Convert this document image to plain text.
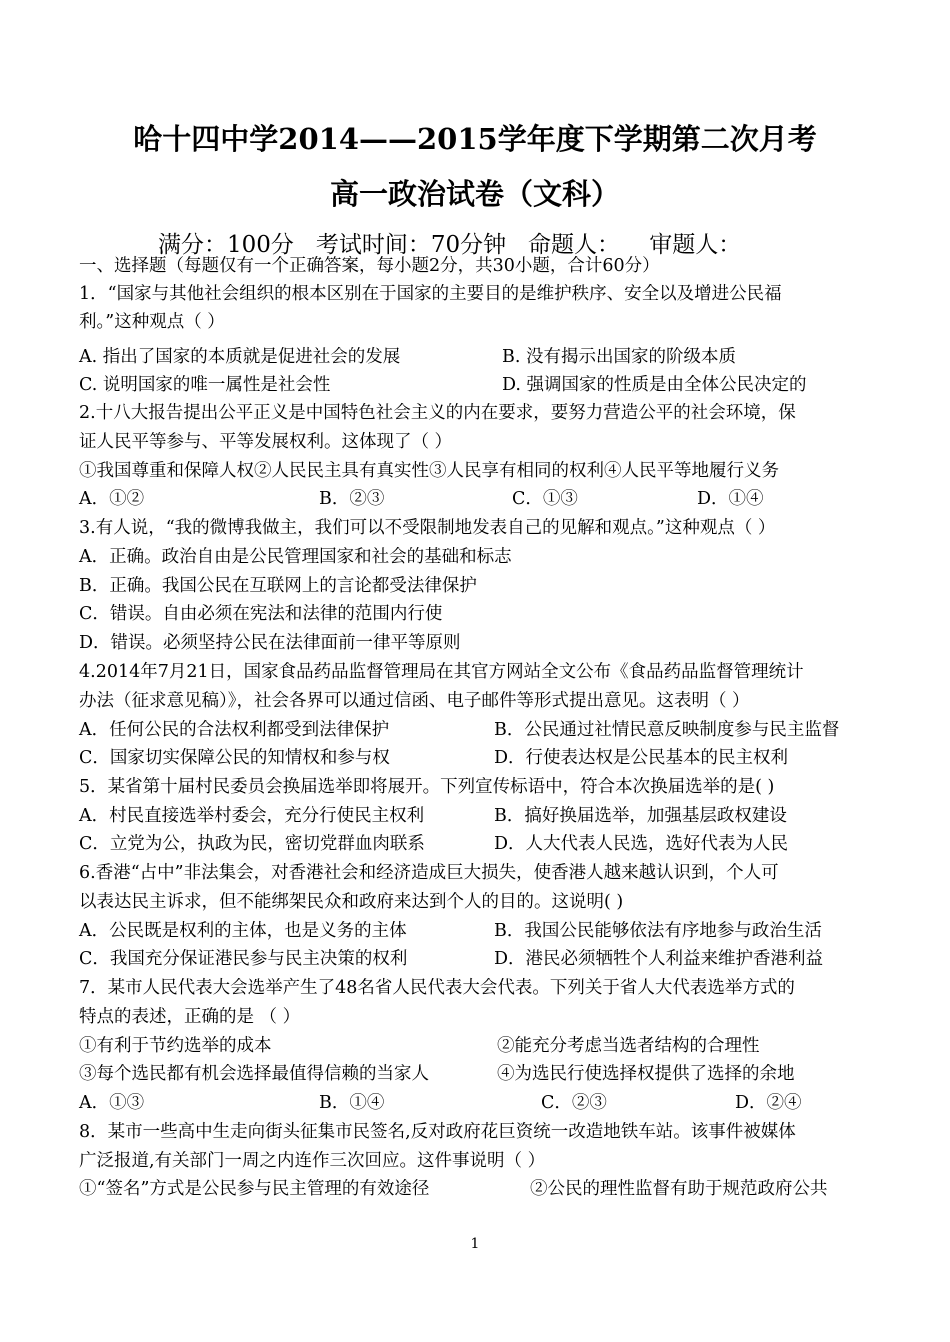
哈十四中学2014——2015学年度下学期第二次月考
高一政治试卷（文科）
满分：100分   考试时间：70分钟   命题人：    审题人：
一、选择题（每题仅有一个正确答案，每小题2分，共30小题，合计60分）
1．“国家与其他社会组织的根本区别在于国家的主要目的是维护秩序、安全以及增进公民福
利。”这种观点（ ）
A. 指出了国家的本质就是促进社会的发展	B. 没有揭示出国家的阶级本质
C. 说明国家的唯一属性是社会性	D. 强调国家的性质是由全体公民决定的
2.十八大报告提出公平正义是中国特色社会主义的内在要求，要努力营造公平的社会环境，保
证人民平等参与、平等发展权利。这体现了（ ）
①我国尊重和保障人权②人民民主具有真实性③人民享有相同的权利④人民平等地履行义务
A．①②	B．②③	C．①③	D．①④
3.有人说，“我的微博我做主，我们可以不受限制地发表自己的见解和观点。”这种观点（ ）
A．正确。政治自由是公民管理国家和社会的基础和标志
B．正确。我国公民在互联网上的言论都受法律保护
C．错误。自由必须在宪法和法律的范围内行使
D．错误。必须坚持公民在法律面前一律平等原则
4.2014年7月21日，国家食品药品监督管理局在其官方网站全文公布《食品药品监督管理统计
办法（征求意见稿）》，社会各界可以通过信函、电子邮件等形式提出意见。这表明（ ）
A．任何公民的合法权利都受到法律保护	B．公民通过社情民意反映制度参与民主监督
C．国家切实保障公民的知情权和参与权	D．行使表达权是公民基本的民主权利
5．某省第十届村民委员会换届选举即将展开。下列宣传标语中，符合本次换届选举的是( )
A．村民直接选举村委会，充分行使民主权利	B．搞好换届选举，加强基层政权建设
C．立党为公，执政为民，密切党群血肉联系	D．人大代表人民选，选好代表为人民
6.香港“占中”非法集会，对香港社会和经济造成巨大损失，使香港人越来越认识到，个人可
以表达民主诉求，但不能绑架民众和政府来达到个人的目的。这说明( )
A．公民既是权利的主体，也是义务的主体	B．我国公民能够依法有序地参与政治生活
C．我国充分保证港民参与民主决策的权利	D．港民必须牺牲个人利益来维护香港利益
7．某市人民代表大会选举产生了48名省人民代表大会代表。下列关于省人大代表选举方式的
特点的表述，正确的是 （ ）
①有利于节约选举的成本	②能充分考虑当选者结构的合理性
③每个选民都有机会选择最值得信赖的当家人	④为选民行使选择权提供了选择的余地
A．①③	B．①④	C．②③	D．②④
8．某市一些高中生走向街头征集市民签名,反对政府花巨资统一改造地铁车站。该事件被媒体
广泛报道,有关部门一周之内连作三次回应。这件事说明（ ）
①“签名”方式是公民参与民主管理的有效途径	②公民的理性监督有助于规范政府公共
1
